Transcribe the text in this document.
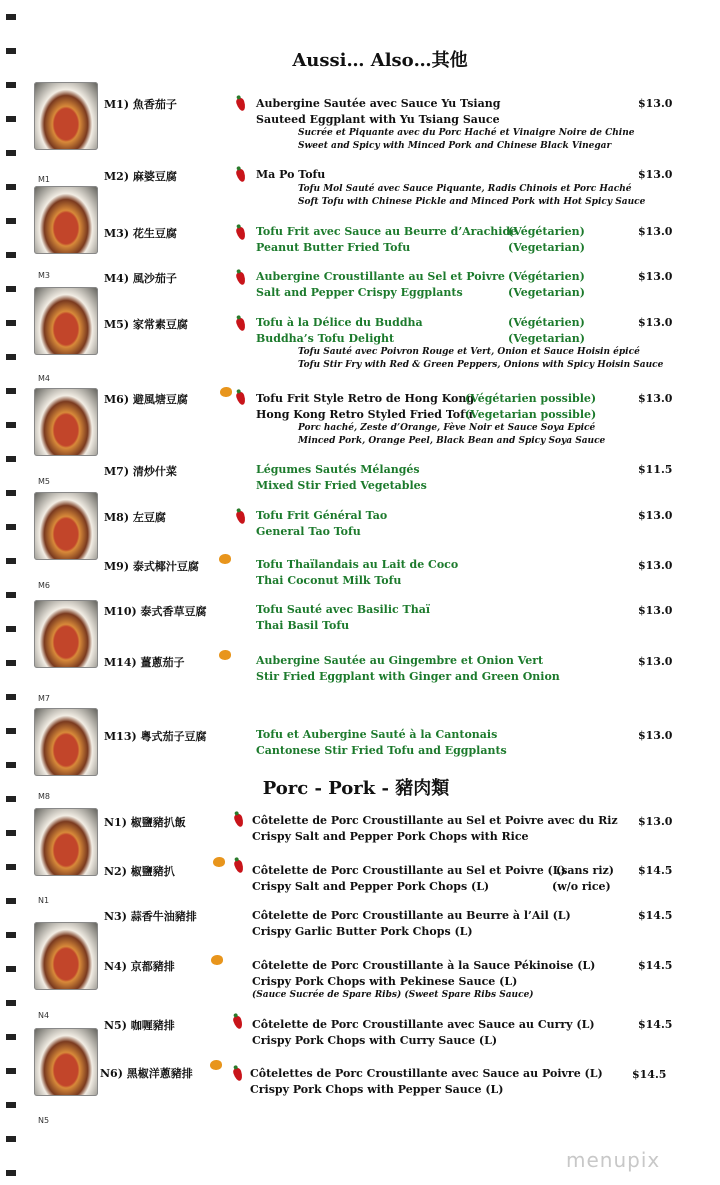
Aussi… Also…其他
Porc - Pork - 豬肉類
M1
M3
M4
M5
M6
M7
M8
N1
N4
N5
M1) 魚香茄子	Aubergine Sautée avec Sauce Yu Tsiang
Sauteed Eggplant with Yu Tsiang Sauce
Sucrée et Piquante avec du Porc Haché et Vinaigre Noire de Chine
Sweet and Spicy with Minced Pork and Chinese Black Vinegar
$13.0
M2) 麻婆豆腐	Ma Po Tofu
Tofu Mol Sauté avec Sauce Piquante, Radis Chinois et Porc Haché
Soft Tofu with Chinese Pickle and Minced Pork with Hot Spicy Sauce
$13.0
M3) 花生豆腐	Tofu Frit avec Sauce au Beurre d’Arachide
Peanut Butter Fried Tofu
(Végétarien)
(Vegetarian)
$13.0
M4) 風沙茄子	Aubergine Croustillante au Sel et Poivre
Salt and Pepper Crispy Eggplants
(Végétarien)
(Vegetarian)
$13.0
M5) 家常素豆腐	Tofu à la Délice du Buddha
Buddha’s Tofu Delight
(Végétarien)
(Vegetarian)
Tofu Sauté avec Poivron Rouge et Vert, Onion et Sauce Hoisin épicé
Tofu Stir Fry with Red & Green Peppers, Onions with Spicy Hoisin Sauce
$13.0
M6) 避風塘豆腐	Tofu Frit Style Retro de Hong Kong
Hong Kong Retro Styled Fried Tofu
(Végétarien possible)
(Vegetarian possible)
Porc haché, Zeste d’Orange, Fève Noir et Sauce Soya Epicé
Minced Pork, Orange Peel, Black Bean and Spicy Soya Sauce
$13.0
M7) 清炒什菜	Légumes Sautés Mélangés
Mixed Stir Fried Vegetables
$11.5
M8) 左豆腐	Tofu Frit Général Tao
General Tao Tofu
$13.0
M9) 泰式椰汁豆腐	Tofu Thaïlandais au Lait de Coco
Thai Coconut Milk Tofu
$13.0
M10) 泰式香草豆腐	Tofu Sauté avec Basilic Thaï
Thai Basil Tofu
$13.0
M14) 薑蔥茄子	Aubergine Sautée au Gingembre et Onion Vert
Stir Fried Eggplant with Ginger and Green Onion
$13.0
M13) 粵式茄子豆腐	Tofu et Aubergine Sauté à la Cantonais
Cantonese Stir Fried Tofu and Eggplants
$13.0
N1) 椒鹽豬扒飯	Côtelette de Porc Croustillante au Sel et Poivre avec du Riz
Crispy Salt and Pepper Pork Chops with Rice
$13.0
N2) 椒鹽豬扒	Côtelette de Porc Croustillante au Sel et Poivre (L)
Crispy Salt and Pepper Pork Chops (L)
(sans riz)
(w/o rice)
$14.5
N3) 蒜香牛油豬排	Côtelette de Porc Croustillante au Beurre à l’Ail (L)
Crispy Garlic Butter Pork Chops (L)
$14.5
N4) 京都豬排	Côtelette de Porc Croustillante à la Sauce Pékinoise (L)
Crispy Pork Chops with Pekinese Sauce (L)
(Sauce Sucrée de Spare Ribs) (Sweet Spare Ribs Sauce)
$14.5
N5) 咖喱豬排	Côtelette de Porc Croustillante avec Sauce au Curry (L)
Crispy Pork Chops with Curry Sauce (L)
$14.5
N6) 黑椒洋蔥豬排	Côtelettes de Porc Croustillante avec Sauce au Poivre (L)
Crispy Pork Chops with Pepper Sauce (L)
$14.5
menupix
